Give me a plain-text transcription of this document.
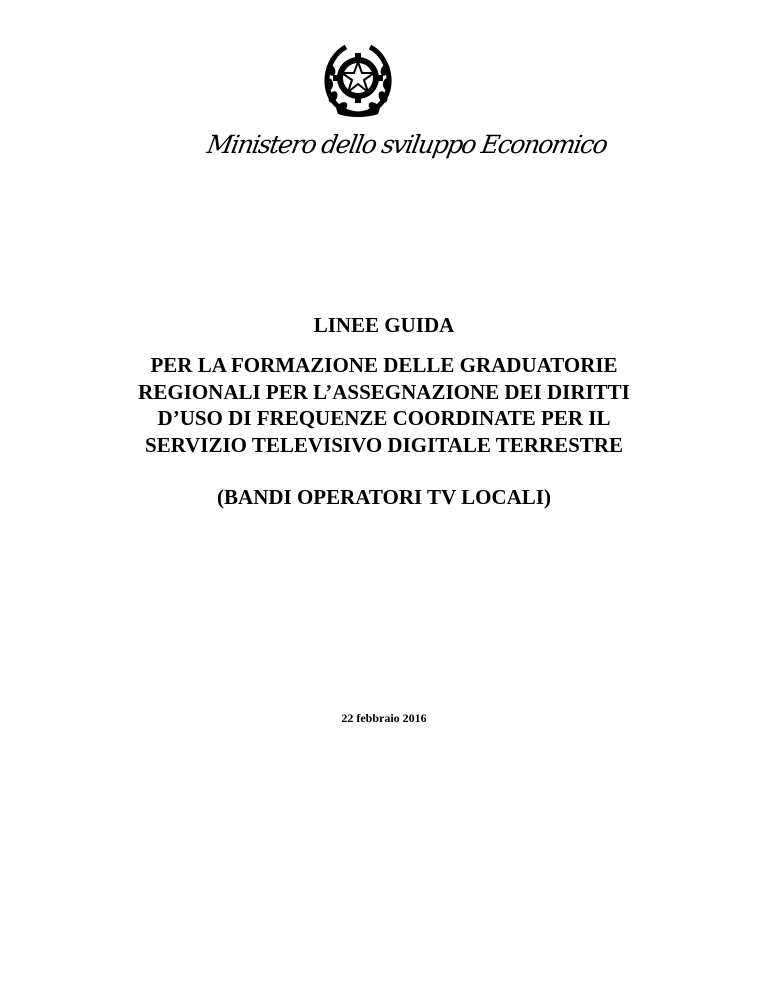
Ministero dello sviluppo Economico
LINEE GUIDA
PER LA FORMAZIONE DELLE GRADUATORIE
REGIONALI PER L’ASSEGNAZIONE DEI DIRITTI
D’USO DI FREQUENZE COORDINATE PER IL
SERVIZIO TELEVISIVO DIGITALE TERRESTRE
(BANDI OPERATORI TV LOCALI)
22 febbraio 2016
